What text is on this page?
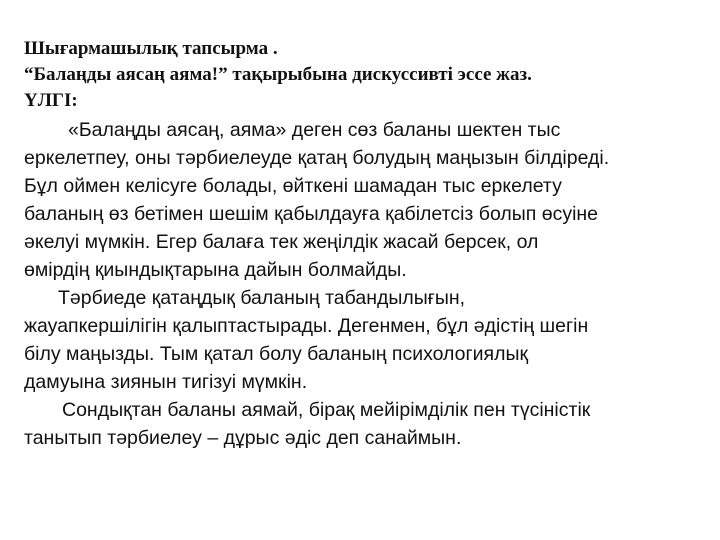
Шығармашылық тапсырма .

“Балаңды аясаң аяма!” тақырыбына дискуссивті эссе жаз.

ҮЛГІ:

«Балаңды аясаң, аяма» деген сөз баланы шектен тыс
еркелетпеу, оны тәрбиелеуде қатаң болудың маңызын білдіреді.
Бұл оймен келісуге болады, өйткені шамадан тыс еркелету
баланың өз бетімен шешім қабылдауға қабілетсіз болып өсуіне
әкелуі мүмкін. Егер балаға тек жеңілдік жасай берсек, ол
өмірдің қиындықтарына дайын болмайды.
Тәрбиеде қатаңдық баланың табандылығын,
жауапкершілігін қалыптастырады. Дегенмен, бұл әдістің шегін
білу маңызды. Тым қатал болу баланың психологиялық
дамуына зиянын тигізуі мүмкін.
Сондықтан баланы аямай, бірақ мейірімділік пен түсіністік
танытып тәрбиелеу – дұрыс әдіс деп санаймын.
